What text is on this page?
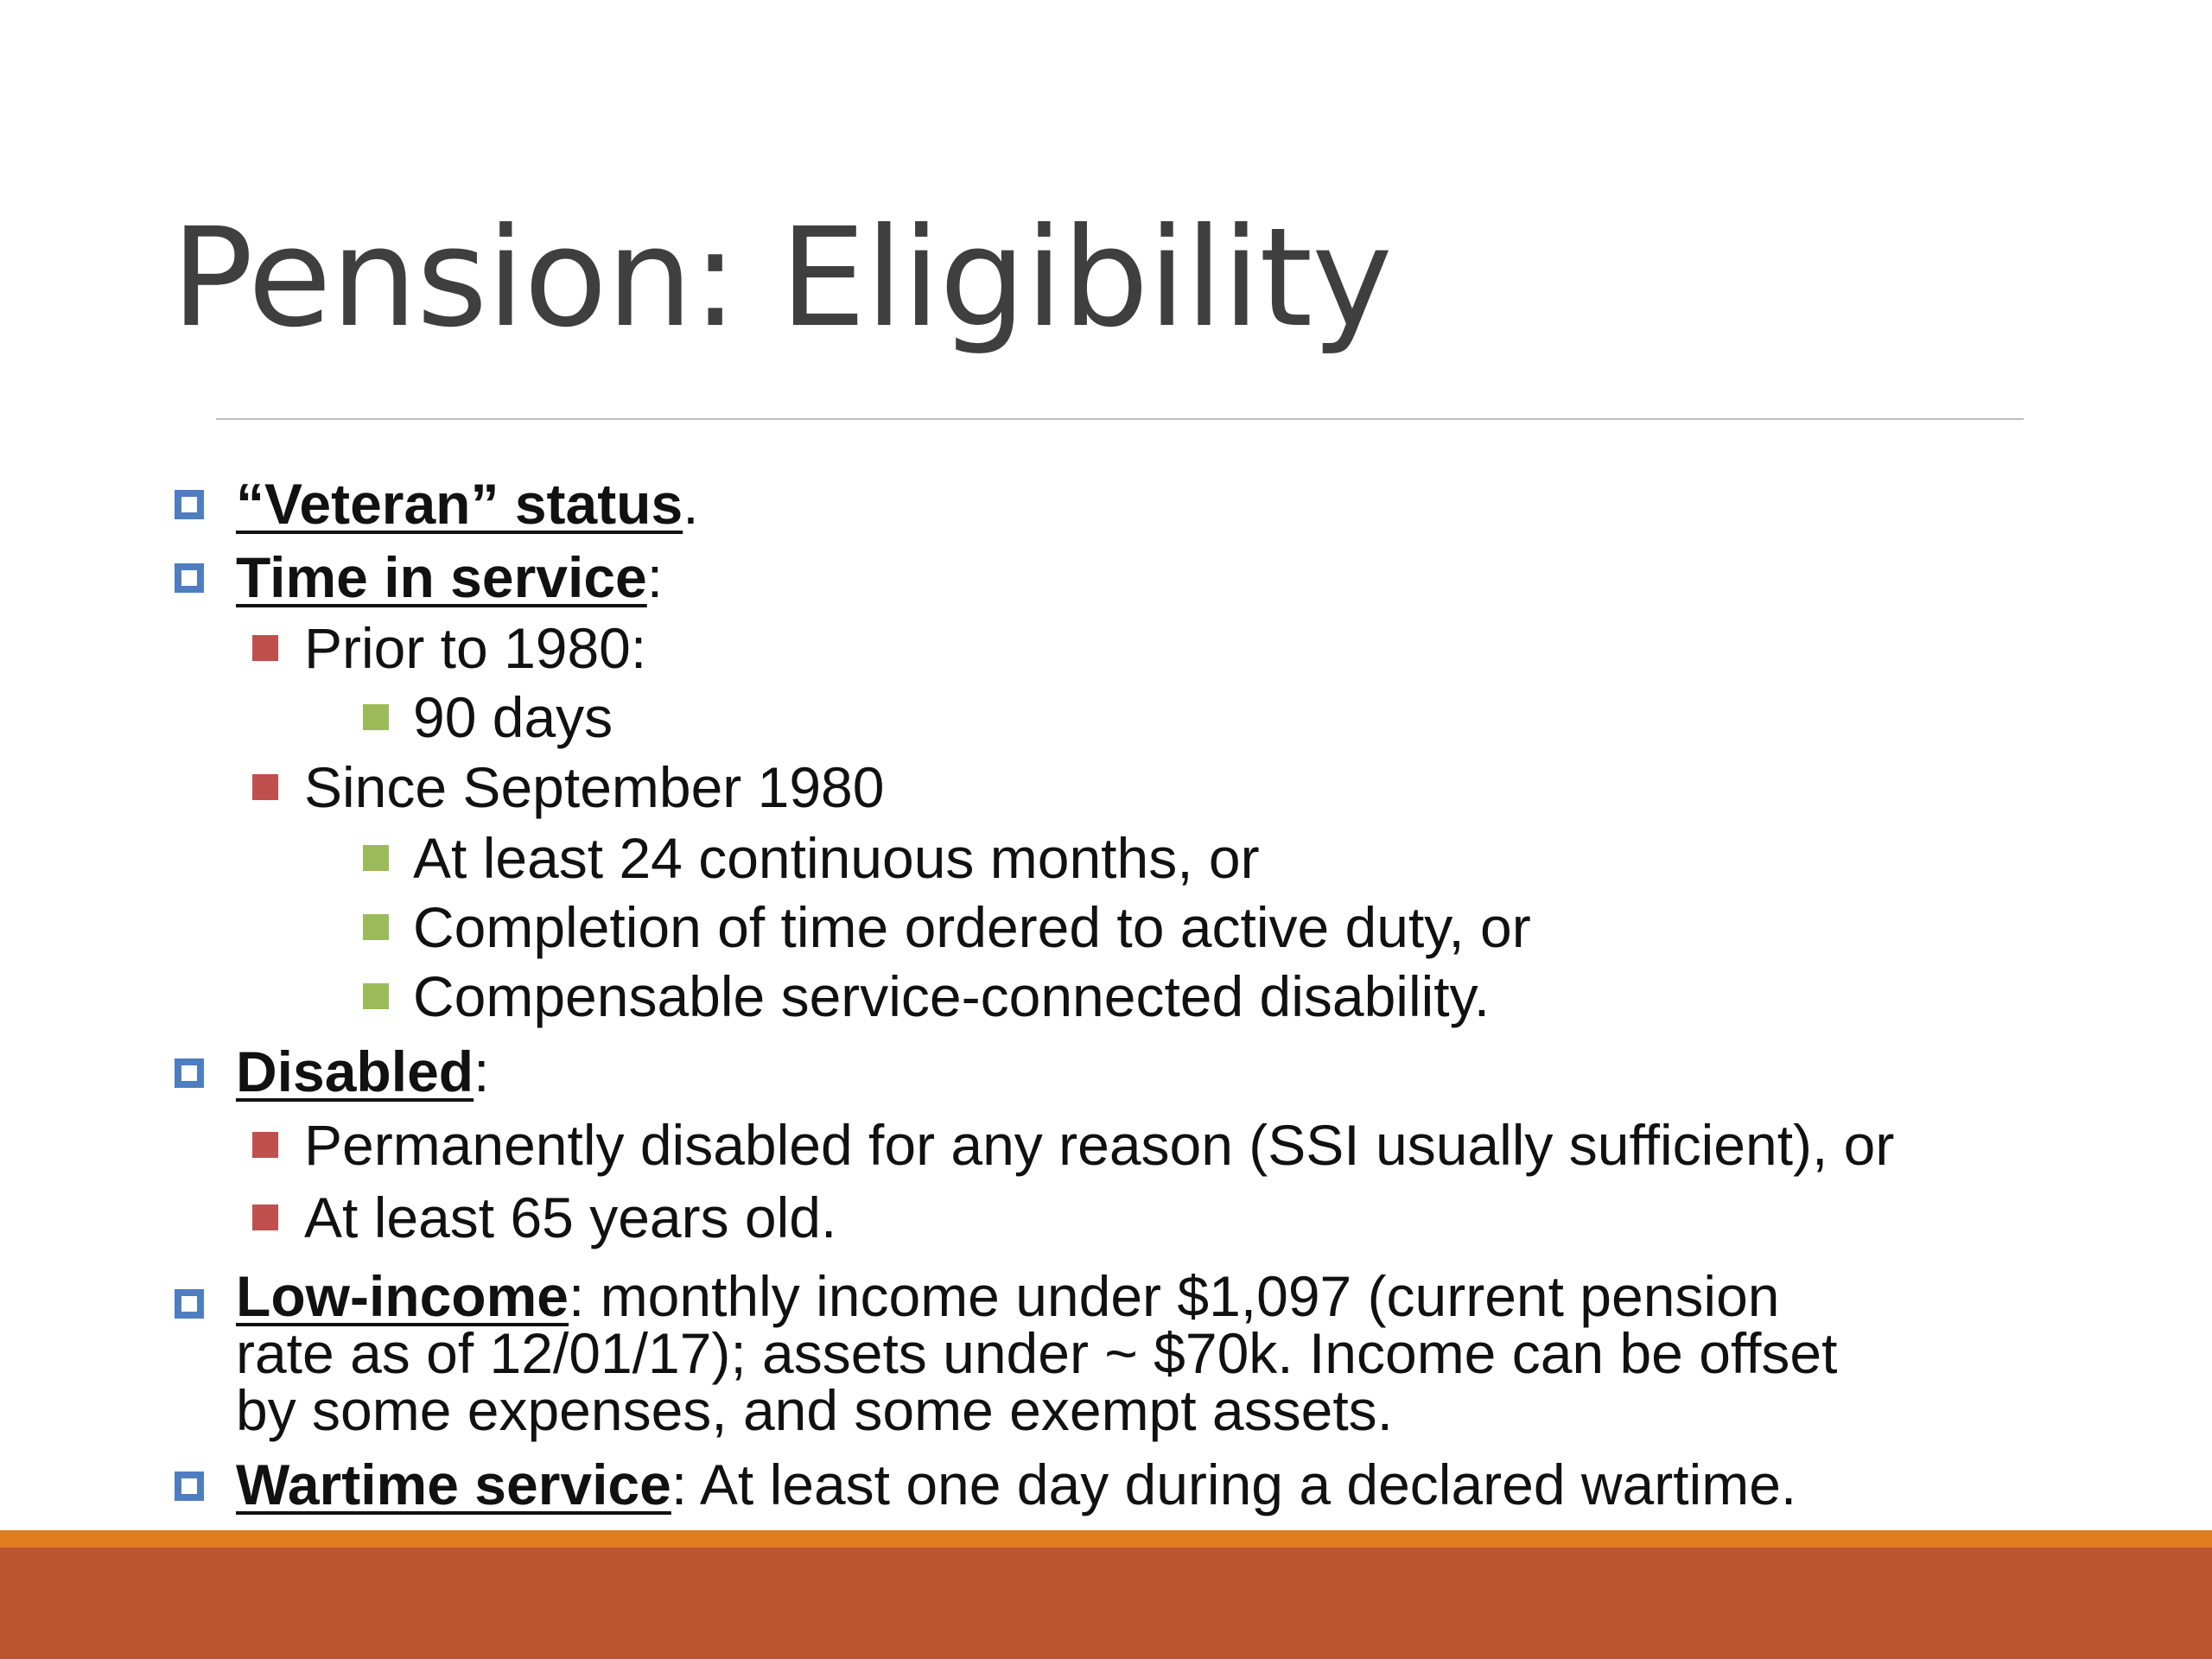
Pension: Eligibility
“Veteran” status.
Time in service:
Prior to 1980:
90 days
Since September 1980
At least 24 continuous months, or
Completion of time ordered to active duty, or
Compensable service-connected disability.
Disabled:
Permanently disabled for any reason (SSI usually sufficient), or
At least 65 years old.
Low-income: monthly income under $1,097 (current pension
rate as of 12/01/17); assets under ~ $70k. Income can be offset
by some expenses, and some exempt assets.
Wartime service: At least one day during a declared wartime.
